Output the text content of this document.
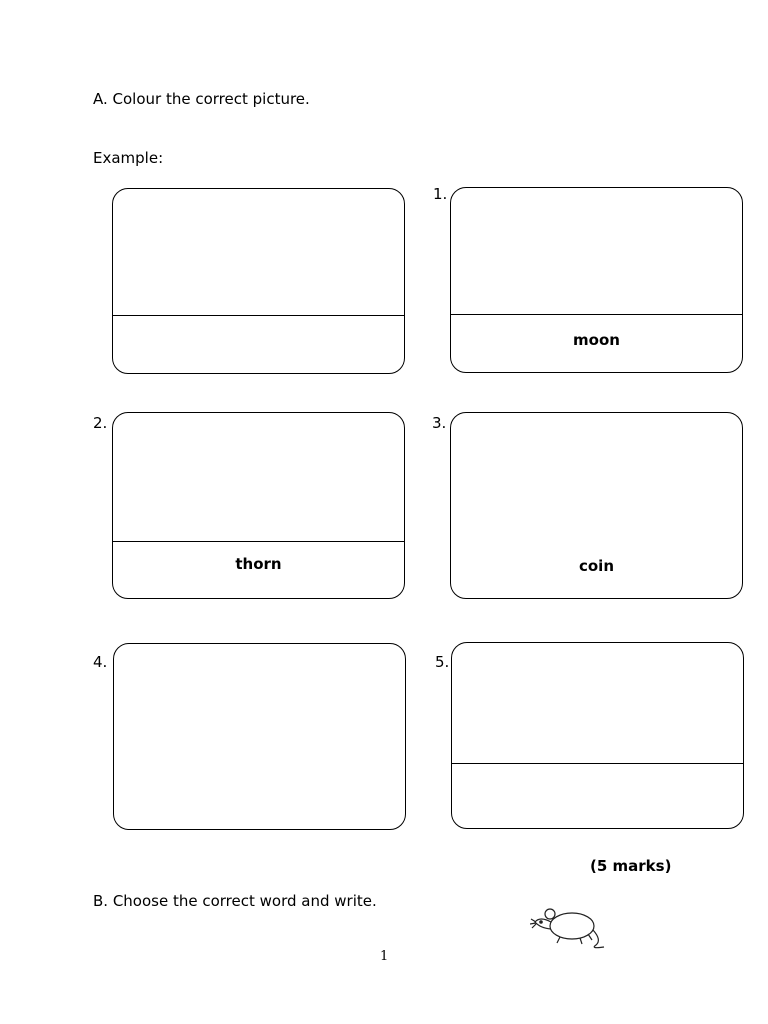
A. Colour the correct picture.
Example:
1.
moon
2.
thorn
3.
coin
4.	5.
(5 marks)
B. Choose the correct word and write.
1
